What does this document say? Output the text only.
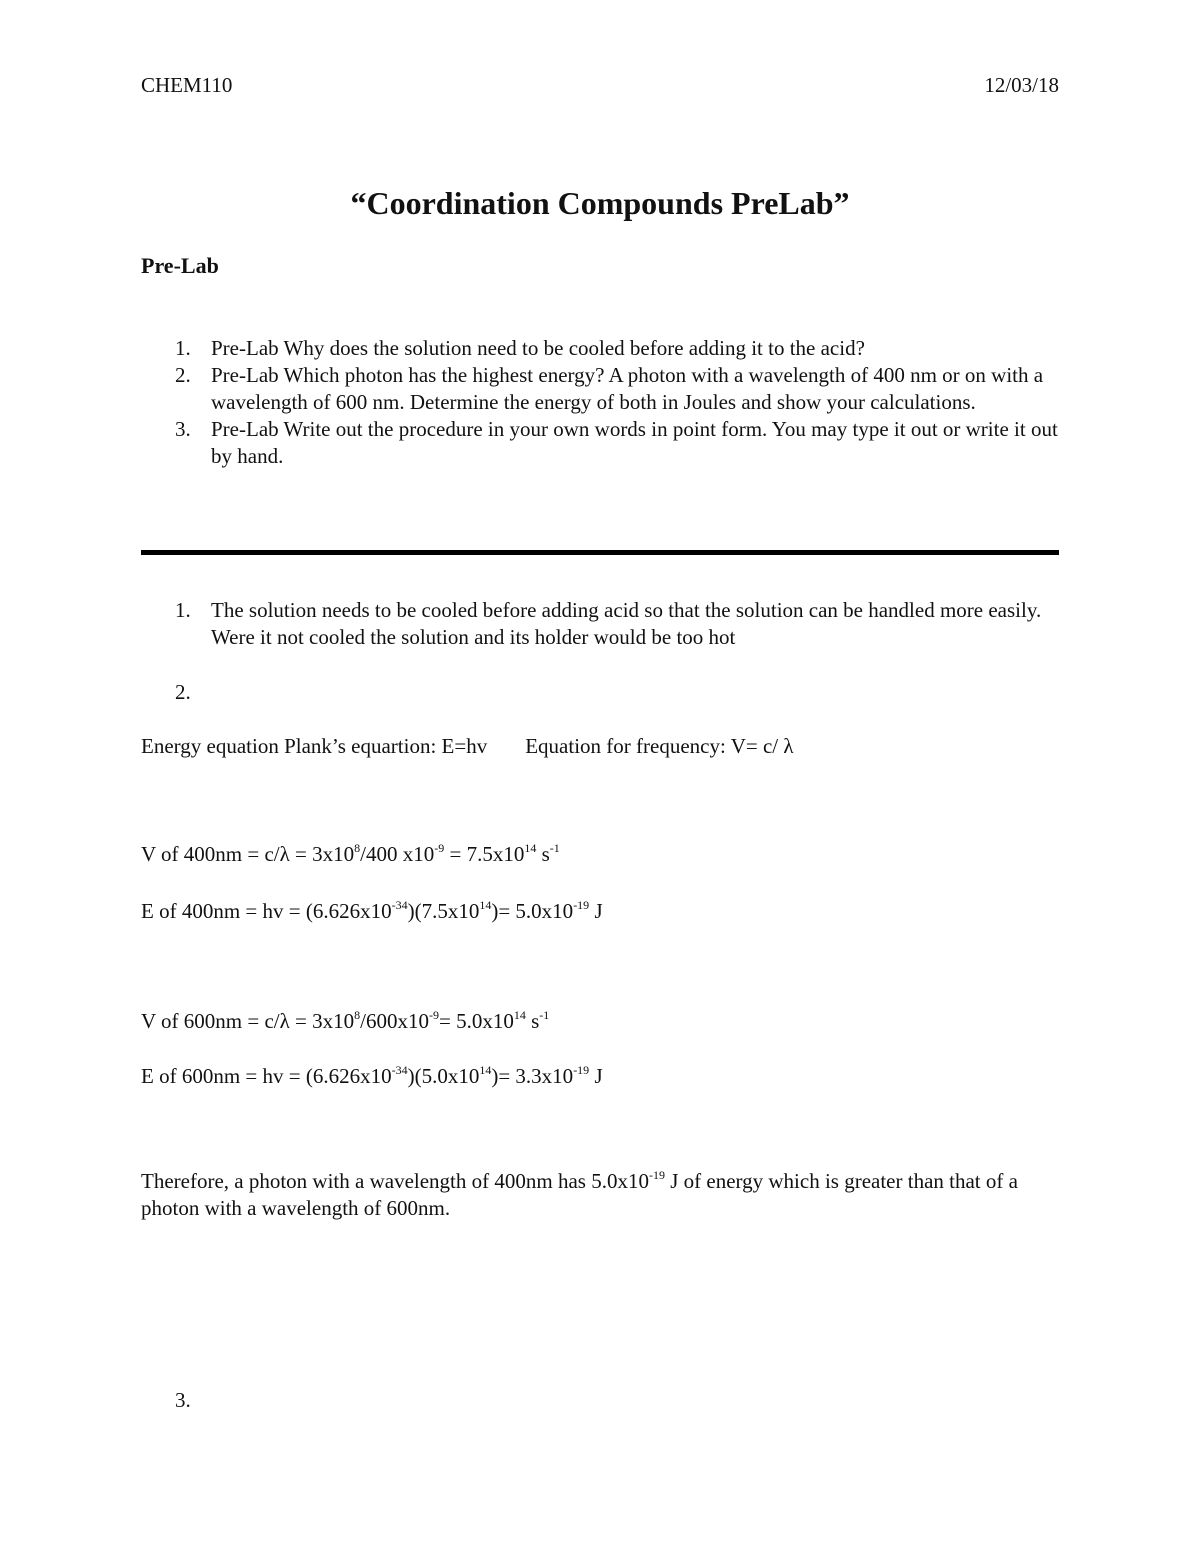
CHEM110	12/03/18
“Coordination Compounds PreLab”
Pre-Lab
1. Pre-Lab Why does the solution need to be cooled before adding it to the acid?
2. Pre-Lab Which photon has the highest energy? A photon with a wavelength of 400 nm or on with a wavelength of 600 nm. Determine the energy of both in Joules and show your calculations.
3. Pre-Lab Write out the procedure in your own words in point form. You may type it out or write it out by hand.
1. The solution needs to be cooled before adding acid so that the solution can be handled more easily. Were it not cooled the solution and its holder would be too hot
2.
Energy equation Plank’s equartion: E=hv Equation for frequency: V= c/ λ
V of $400nm = c/\lambda = 3x10^8/400$ $x10^{-9} = 7.5x10^{14}$ $s^{-1}$
E of 400nm = hv = $(6.626x10^{-34})(7.5x10^{14})= 5.0x10^{-19}$ J
V of $600nm = c/\lambda = 3x10^8/600x10^{-9}= 5.0x10^{14}$ $s^{-1}$
E of 600nm = hv = $(6.626x10^{-34})(5.0x10^{14})= 3.3x10^{-19}$ J
Therefore, a photon with a wavelength of 400nm has $5.0x10^{-19}$ J of energy which is greater than that of a photon with a wavelength of 600nm.
3.
